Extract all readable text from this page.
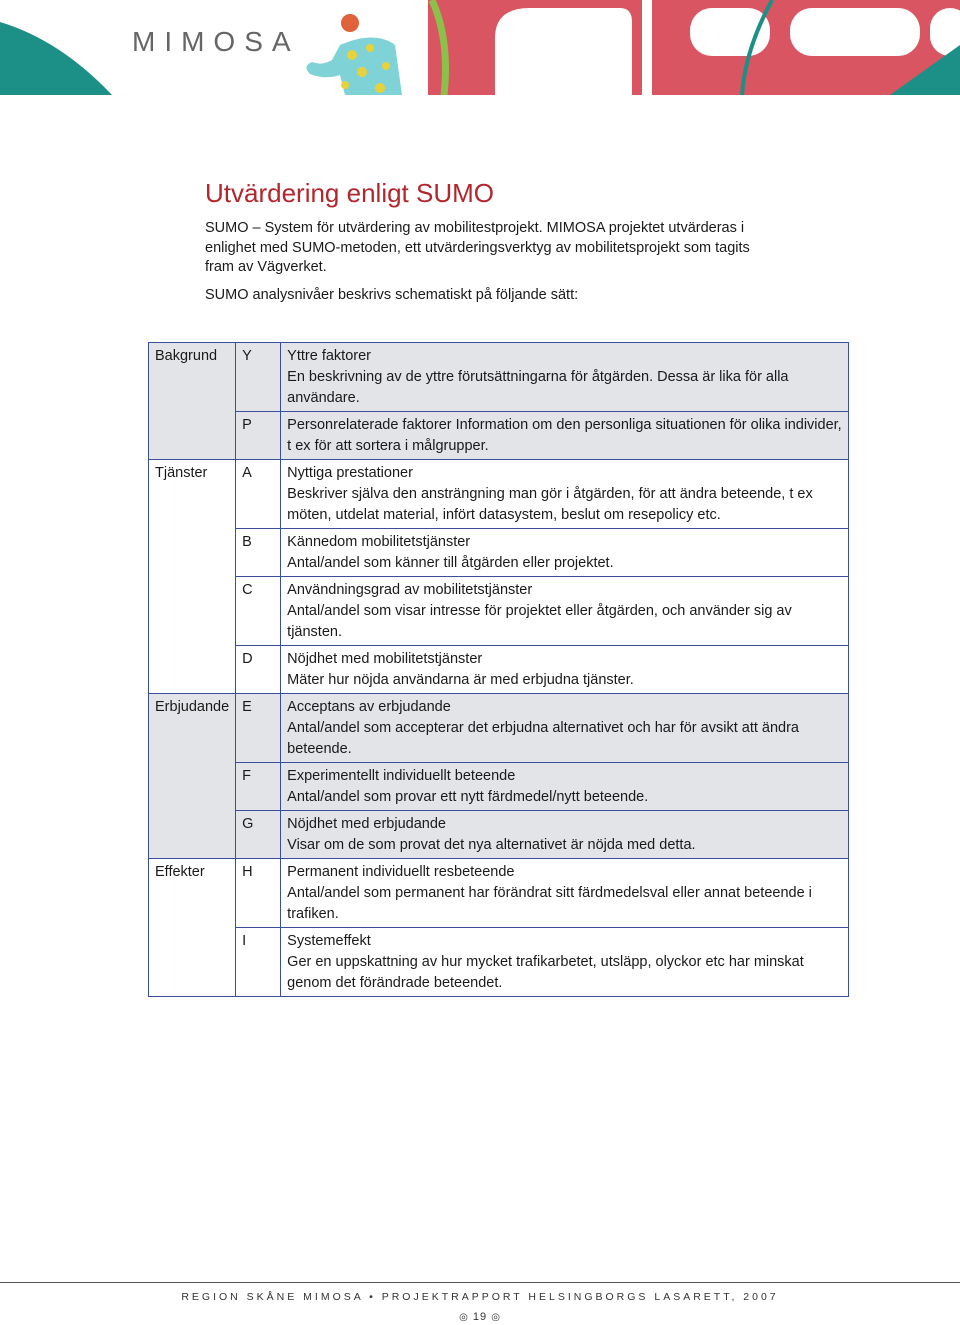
MIMOSA
Utvärdering enligt SUMO

SUMO – System för utvärdering av mobilitestprojekt. MIMOSA projektet utvärderas i enlighet med SUMO-metoden, ett utvärderingsverktyg av mobilitetsprojekt som tagits fram av Vägverket.

SUMO analysnivåer beskrivs schematiskt på följande sätt:

Bakgrund	Y	Yttre faktorer
En beskrivning av de yttre förutsättningarna för åtgärden. Dessa är lika för alla användare.

	P	Personrelaterade faktorer Information om den personliga situationen för olika individer, t ex för att sortera i målgrupper.

Tjänster	A	Nyttiga prestationer
Beskriver själva den ansträngning man gör i åtgärden, för att ändra beteende, t ex möten, utdelat material, infört datasystem, beslut om resepolicy etc.

	B	Kännedom mobilitetstjänster
Antal/andel som känner till åtgärden eller projektet.

	C	Användningsgrad av mobilitetstjänster
Antal/andel som visar intresse för projektet eller åtgärden, och använder sig av tjänsten.

	D	Nöjdhet med mobilitetstjänster
Mäter hur nöjda användarna är med erbjudna tjänster.

Erbjudande	E	Acceptans av erbjudande
Antal/andel som accepterar det erbjudna alternativet och har för avsikt att ändra beteende.

	F	Experimentellt individuellt beteende
Antal/andel som provar ett nytt färdmedel/nytt beteende.

	G	Nöjdhet med erbjudande
Visar om de som provat det nya alternativet är nöjda med detta.

Effekter	H	Permanent individuellt resbeteende
Antal/andel som permanent har förändrat sitt färdmedelsval eller annat beteende i trafiken.

	I	Systemeffekt
Ger en uppskattning av hur mycket trafikarbetet, utsläpp, olyckor etc har minskat genom det förändrade beteendet.
REGION SKÅNE MIMOSA • PROJEKTRAPPORT HELSINGBORGS LASARETT, 2007
◎ 19 ◎
